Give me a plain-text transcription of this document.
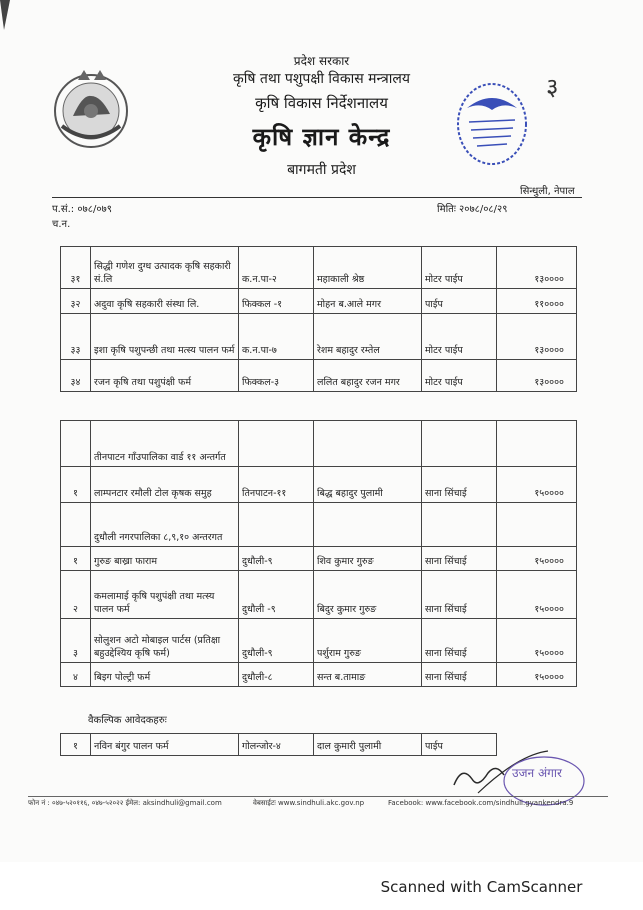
प्रदेश सरकार
कृषि तथा पशुपक्षी विकास मन्त्रालय
कृषि विकास निर्देशनालय
कृषि ज्ञान केन्द्र
बागमती प्रदेश
३
सिन्धुली, नेपाल
प.सं.: ०७८/०७९	मितिः २०७८/०८/२९
च.न.
३१	सिद्धी गणेश दुग्ध उत्पादक कृषि सहकारी सं.लि	क.न.पा-२	महाकाली श्रेष्ठ	मोटर पाईप	१३००००
३२	अदुवा कृषि सहकारी संस्था लि.	फिक्कल -१	मोहन ब.आले मगर	पाईप	११००००
३३	इशा कृषि पशुपन्छी तथा मत्स्य पालन फर्म	क.न.पा-७	रेशम बहादुर रम्तेल	मोटर पाईप	१३००००
३४	रजन कृषि तथा पशुपंक्षी फर्म	फिक्कल-३	ललित बहादुर रजन मगर	मोटर पाईप	१३००००
	तीनपाटन गाँउपालिका वार्ड ११ अन्तर्गत				
१	लाम्पनटार रमौली टोल कृषक समुह	तिनपाटन-११	बिद्ध बहादुर पुलामी	साना सिंचाई	१५००००
	दुधौली नगरपालिका ८,९,१० अन्तरगत				
१	गुरुङ बाख्रा फाराम	दुधौली-९	शिव कुमार गुरुङ	साना सिंचाई	१५००००
२	कमलामाई कृषि पशुपंक्षी तथा मत्स्य पालन फर्म	दुधौली -९	बिदुर कुमार गुरुङ	साना सिंचाई	१५००००
३	सोलुशन अटो मोबाइल पार्टस (प्रतिक्षा बहुउद्देश्यिय कृषि फर्म)	दुधौली-९	पर्शुराम गुरुङ	साना सिंचाई	१५००००
४	बिइग पोल्ट्री फर्म	दुधौली-८	सन्त ब.तामाङ	साना सिंचाई	१५००००
वैकल्पिक आवेदकहरुः
१	नविन बंगुर पालन फर्म	गोलन्जोर-४	दाल कुमारी पुलामी	पाईप
उजन अंगार
फोन नं : ०४७-५२०११६, ०४७-५२०२२ ईमेल: aksindhuli@gmail.com	वेबसाईटः www.sindhuli.akc.gov.np	Facebook: www.facebook.com/sindhuli.gyankendra.9
Scanned with CamScanner
